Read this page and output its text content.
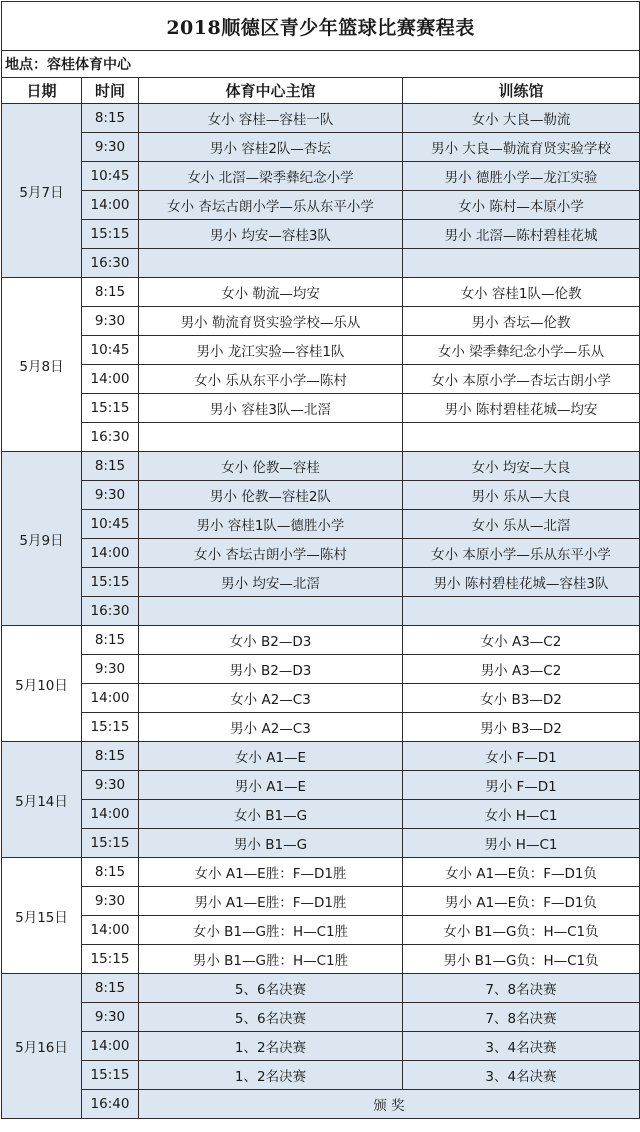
2018顺德区青少年篮球比赛赛程表			
地点：容桂体育中心			
日期	时间	体育中心主馆	训练馆
5月7日	8:15	女小 容桂—容桂一队	女小 大良—勒流
	9:30	男小 容桂2队—杏坛	男小 大良—勒流育贤实验学校
	10:45	女小 北滘—梁季彝纪念小学	男小 德胜小学—龙江实验
	14:00	女小 杏坛古朗小学—乐从东平小学	女小 陈村—本原小学
	15:15	男小 均安—容桂3队	男小 北滘—陈村碧桂花城
	16:30		
5月8日	8:15	女小 勒流—均安	女小 容桂1队—伦教
	9:30	男小 勒流育贤实验学校—乐从	男小 杏坛—伦教
	10:45	男小 龙江实验—容桂1队	女小 梁季彝纪念小学—乐从
	14:00	女小 乐从东平小学—陈村	女小 本原小学—杏坛古朗小学
	15:15	男小 容桂3队—北滘	男小 陈村碧桂花城—均安
	16:30		
5月9日	8:15	女小 伦教—容桂	女小 均安—大良
	9:30	男小 伦教—容桂2队	男小 乐从—大良
	10:45	男小 容桂1队—德胜小学	女小 乐从—北滘
	14:00	女小 杏坛古朗小学—陈村	女小 本原小学—乐从东平小学
	15:15	男小 均安—北滘	男小 陈村碧桂花城—容桂3队
	16:30		
5月10日	8:15	女小 B2—D3	女小 A3—C2
	9:30	男小 B2—D3	男小 A3—C2
	14:00	女小 A2—C3	女小 B3—D2
	15:15	男小 A2—C3	男小 B3—D2
5月14日	8:15	女小 A1—E	女小 F—D1
	9:30	男小 A1—E	男小 F—D1
	14:00	女小 B1—G	女小 H—C1
	15:15	男小 B1—G	男小 H—C1
5月15日	8:15	女小 A1—E胜：F—D1胜	女小 A1—E负：F—D1负
	9:30	男小 A1—E胜：F—D1胜	男小 A1—E负：F—D1负
	14:00	女小 B1—G胜：H—C1胜	女小 B1—G负：H—C1负
	15:15	男小 B1—G胜：H—C1胜	男小 B1—G负：H—C1负
5月16日	8:15	5、6名决赛	7、8名决赛
	9:30	5、6名决赛	7、8名决赛
	14:00	1、2名决赛	3、4名决赛
	15:15	1、2名决赛	3、4名决赛
	16:40	颁 奖	
